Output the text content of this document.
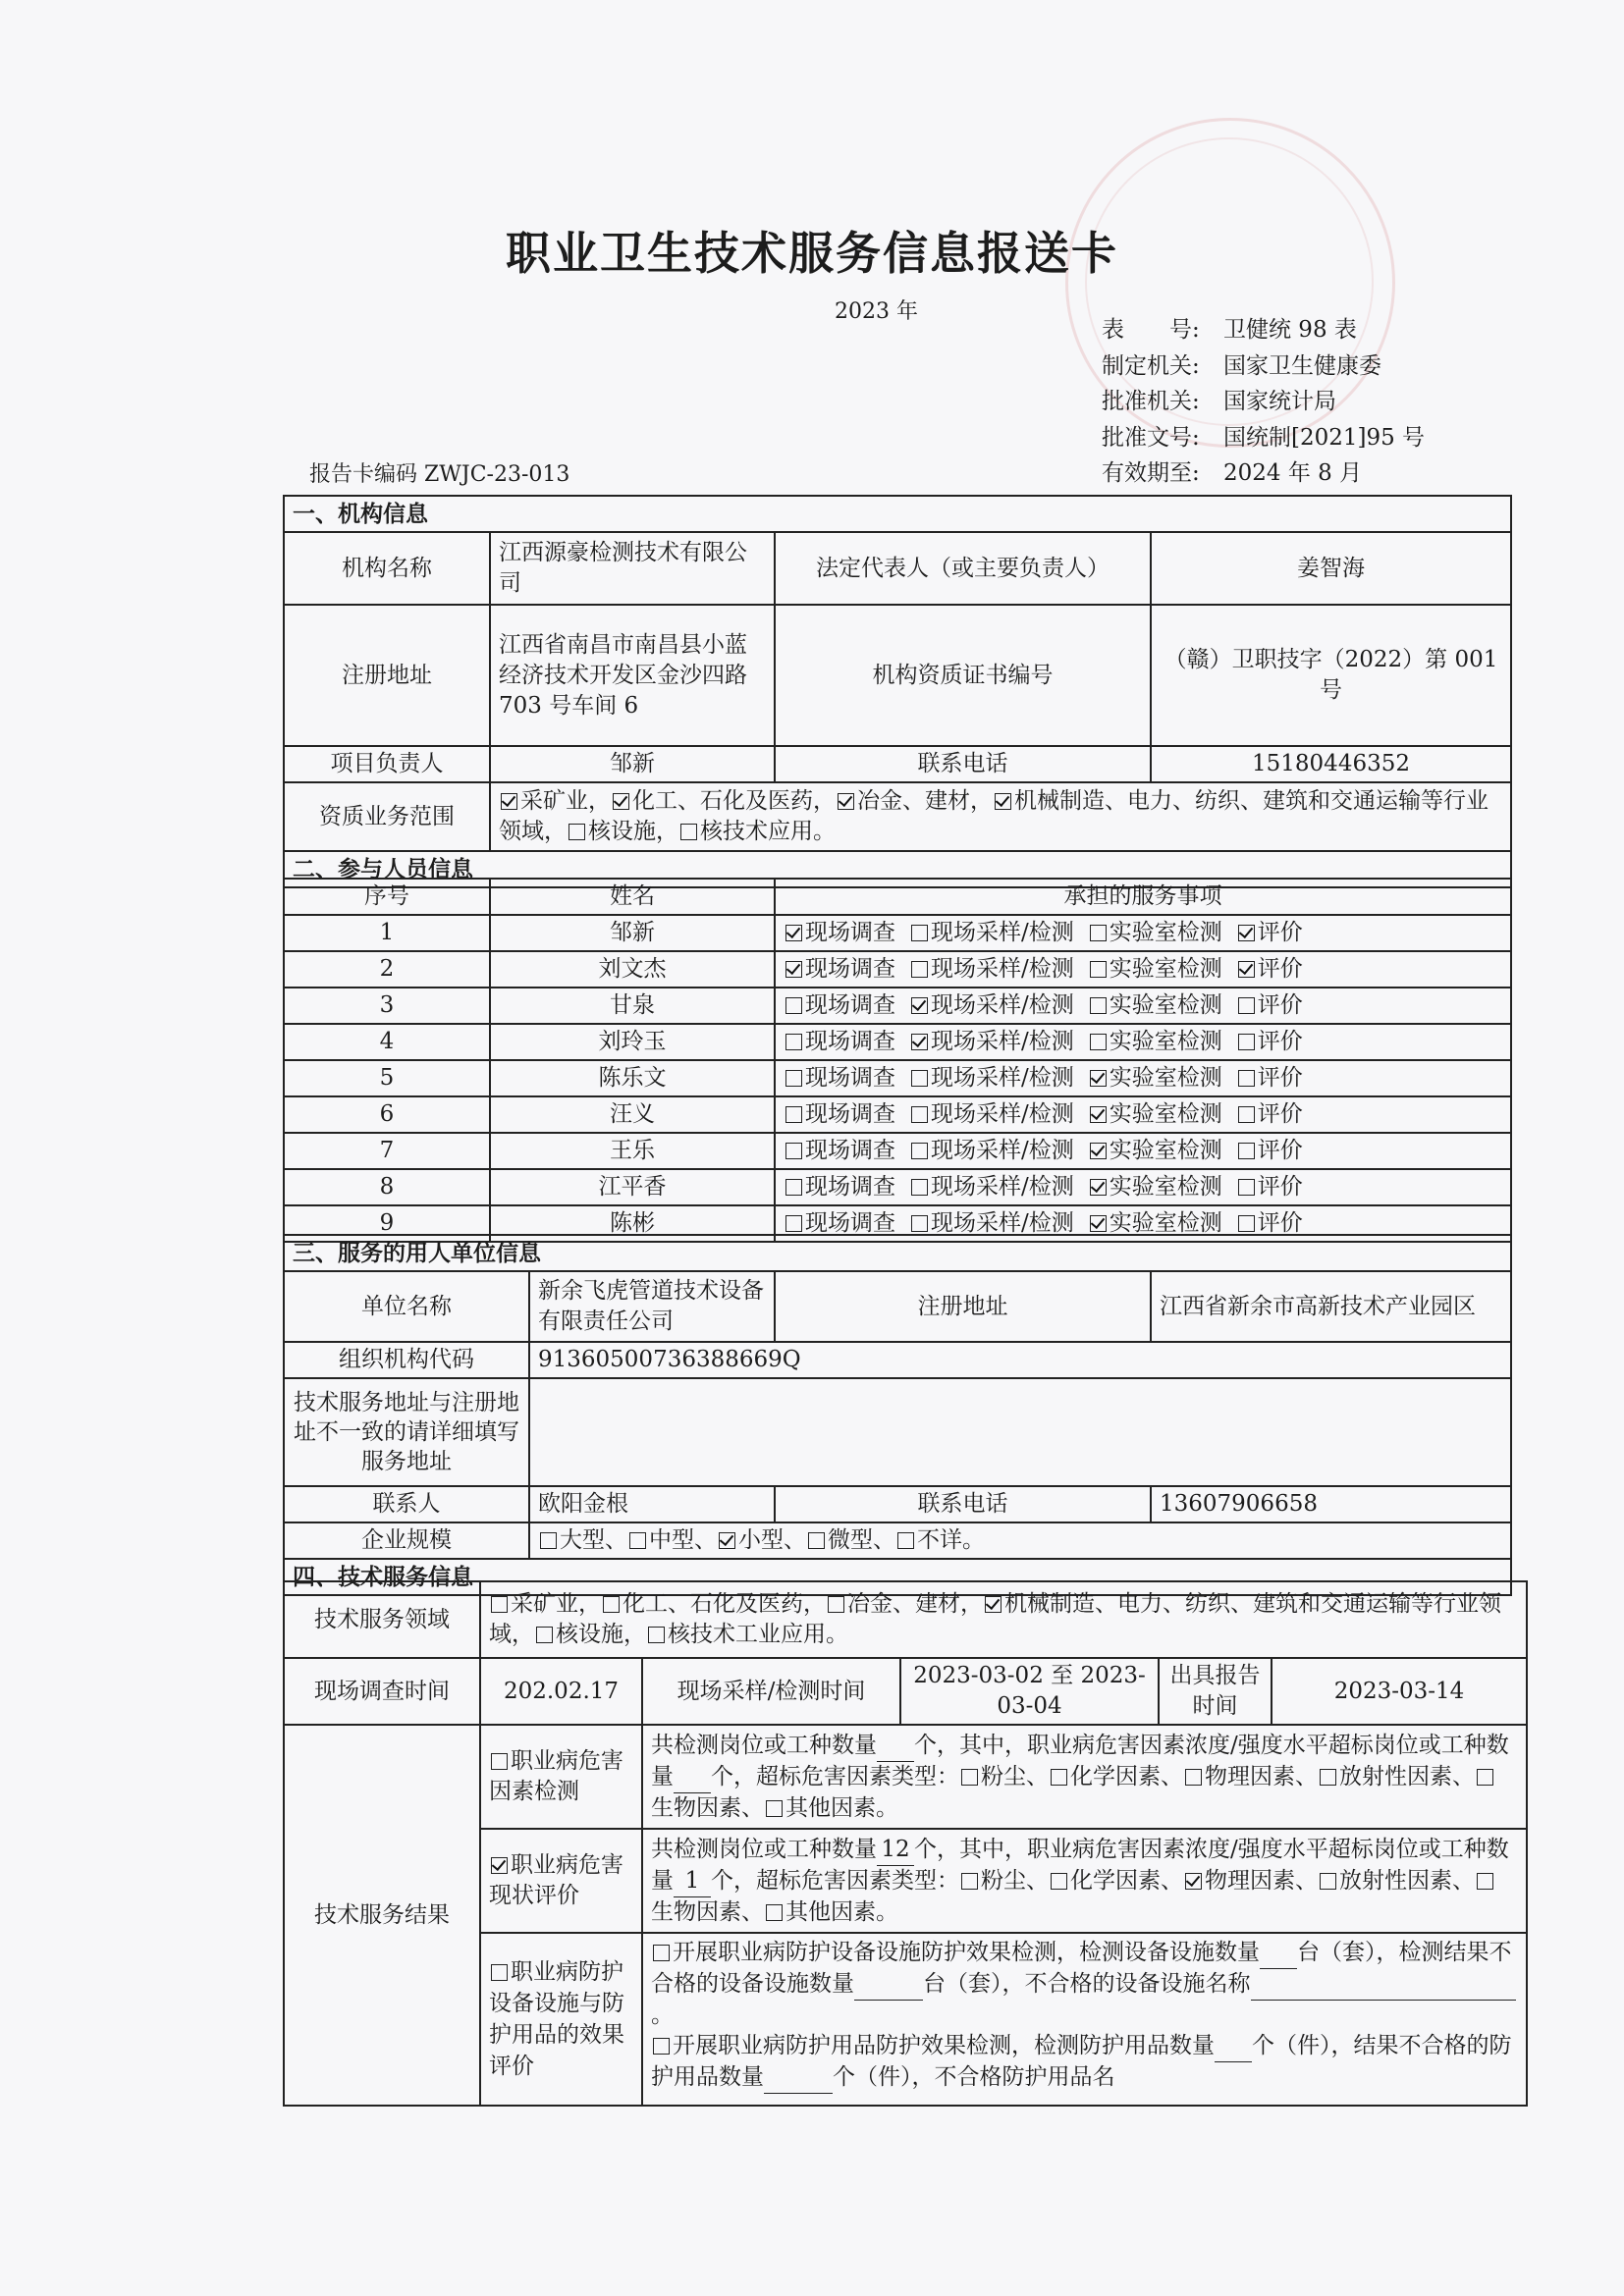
职业卫生技术服务信息报送卡
2023 年
表　　号: 卫健统 98 表
制定机关: 国家卫生健康委
批准机关: 国家统计局
批准文号: 国统制[2021]95 号
有效期至: 2024 年 8 月
报告卡编码 ZWJC-23-013
一、机构信息			
机构名称	江西源豪检测技术有限公司	法定代表人（或主要负责人）	姜智海
注册地址	江西省南昌市南昌县小蓝经济技术开发区金沙四路 703 号车间 6	机构资质证书编号	（赣）卫职技字（2022）第 001 号
项目负责人	邹新	联系电话	15180446352
资质业务范围	采矿业， 化工、石化及医药， 冶金、建材， 机械制造、电力、纺织、建筑和交通运输等行业领域， 核设施， 核技术应用。		
二、参与人员信息			
序号	姓名	承担的服务事项
1	邹新	现场调查 现场采样/检测 实验室检测 评价
2	刘文杰	现场调查 现场采样/检测 实验室检测 评价
3	甘泉	现场调查 现场采样/检测 实验室检测 评价
4	刘玲玉	现场调查 现场采样/检测 实验室检测 评价
5	陈乐文	现场调查 现场采样/检测 实验室检测 评价
6	汪义	现场调查 现场采样/检测 实验室检测 评价
7	王乐	现场调查 现场采样/检测 实验室检测 评价
8	江平香	现场调查 现场采样/检测 实验室检测 评价
9	陈彬	现场调查 现场采样/检测 实验室检测 评价
三、服务的用人单位信息			
单位名称	新余飞虎管道技术设备有限责任公司	注册地址	江西省新余市高新技术产业园区
组织机构代码	91360500736388669Q		
技术服务地址与注册地址不一致的请详细填写服务地址			
联系人	欧阳金根	联系电话	13607906658
企业规模	大型、 中型、 小型、 微型、 不详。		
四、技术服务信息			
技术服务领域	采矿业， 化工、石化及医药， 冶金、建材， 机械制造、电力、纺织、建筑和交通运输等行业领域， 核设施， 核技术工业应用。				
现场调查时间	202.02.17	现场采样/检测时间	2023-03-02 至 2023-03-04	出具报告时间	2023-03-14
技术服务结果	职业病危害因素检测	共检测岗位或工种数量 个，其中，职业病危害因素浓度/强度水平超标岗位或工种数量 个，超标危害因素类型： 粉尘、 化学因素、 物理因素、 放射性因素、生物因素、 其他因素。			
	职业病危害现状评价	共检测岗位或工种数量 12 个，其中，职业病危害因素浓度/强度水平超标岗位或工种数量 1 个，超标危害因素类型： 粉尘、 化学因素、 物理因素、 放射性因素、生物因素、 其他因素。			
	职业病防护设备设施与防护用品的效果评价	开展职业病防护设备设施防护效果检测，检测设备设施数量 台（套），检测结果不合格的设备设施数量 台（套），不合格的设备设施名称 。
开展职业病防护用品防护效果检测，检测防护用品数量 个（件），结果不合格的防护用品数量 个（件），不合格防护用品名			
